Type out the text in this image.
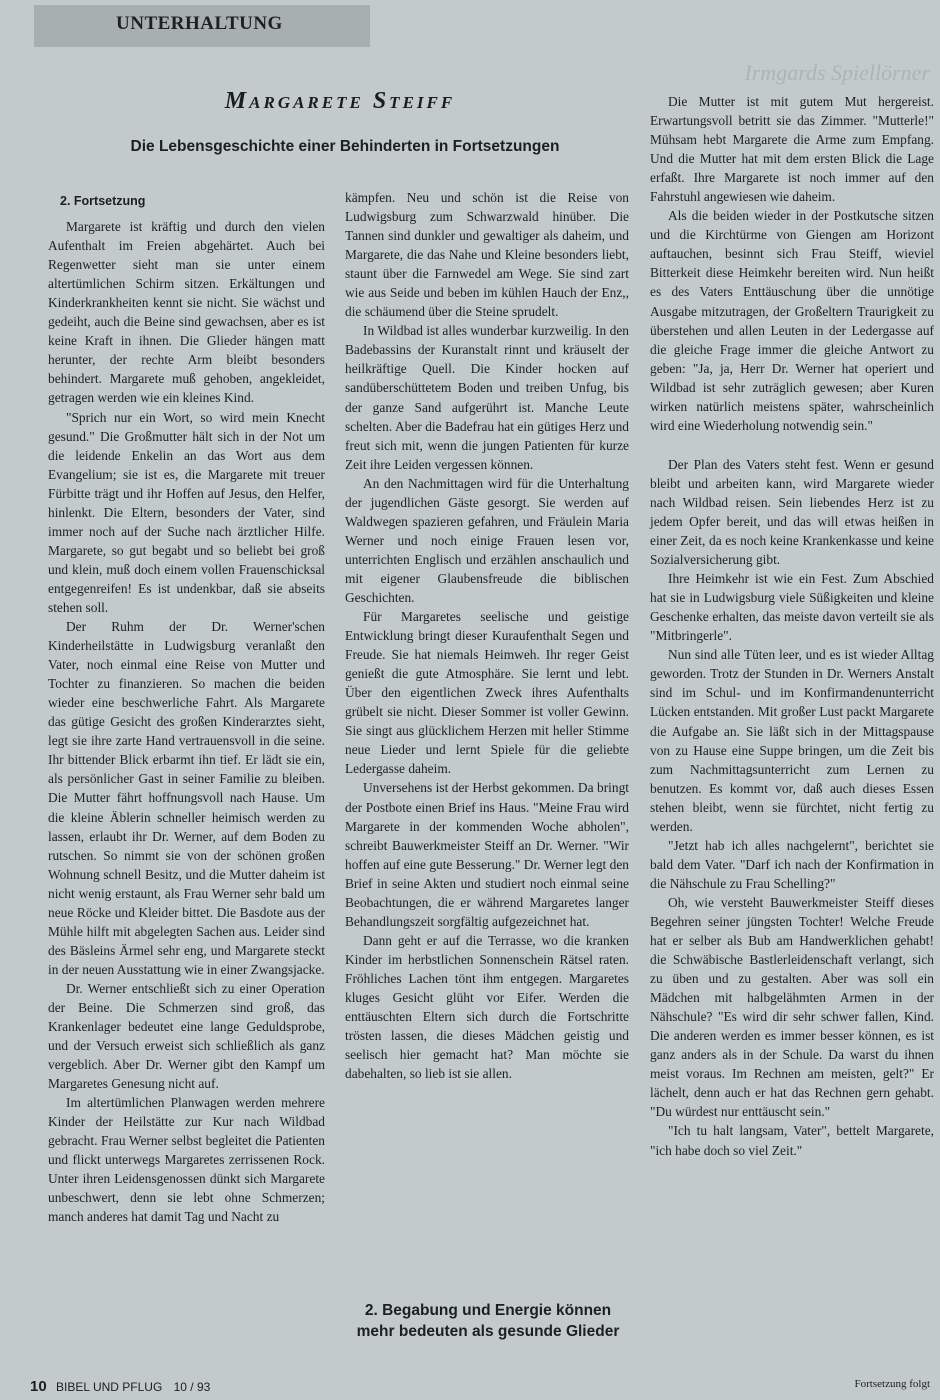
UNTERHALTUNG
Irmgards Spiellörner
Margarete Steiff
Die Lebensgeschichte einer Behinderten in Fortsetzungen

2. Fortsetzung

Margarete ist kräftig und durch den vielen Aufenthalt im Freien abgehärtet. Auch bei Regenwetter sieht man sie unter einem altertümlichen Schirm sitzen. Erkältungen und Kinderkrankheiten kennt sie nicht. Sie wächst und gedeiht, auch die Beine sind gewachsen, aber es ist keine Kraft in ihnen. Die Glieder hängen matt herunter, der rechte Arm bleibt besonders behindert. Margarete muß gehoben, angekleidet, getragen werden wie ein kleines Kind.

"Sprich nur ein Wort, so wird mein Knecht gesund." Die Großmutter hält sich in der Not um die leidende Enkelin an das Wort aus dem Evangelium; sie ist es, die Margarete mit treuer Fürbitte trägt und ihr Hoffen auf Jesus, den Helfer, hinlenkt. Die Eltern, besonders der Vater, sind immer noch auf der Suche nach ärztlicher Hilfe. Margarete, so gut begabt und so beliebt bei groß und klein, muß doch einem vollen Frauenschicksal entgegenreifen! Es ist undenkbar, daß sie abseits stehen soll.

Der Ruhm der Dr. Werner'schen Kinderheilstätte in Ludwigsburg veranlaßt den Vater, noch einmal eine Reise von Mutter und Tochter zu finanzieren. So machen die beiden wieder eine beschwerliche Fahrt. Als Margarete das gütige Gesicht des großen Kinderarztes sieht, legt sie ihre zarte Hand vertrauensvoll in die seine. Ihr bittender Blick erbarmt ihn tief. Er lädt sie ein, als persönlicher Gast in seiner Familie zu bleiben. Die Mutter fährt hoffnungsvoll nach Hause. Um die kleine Äblerin schneller heimisch werden zu lassen, erlaubt ihr Dr. Werner, auf dem Boden zu rutschen. So nimmt sie von der schönen großen Wohnung schnell Besitz, und die Mutter daheim ist nicht wenig erstaunt, als Frau Werner sehr bald um neue Röcke und Kleider bittet. Die Basdote aus der Mühle hilft mit abgelegten Sachen aus. Leider sind des Bäsleins Ärmel sehr eng, und Margarete steckt in der neuen Ausstattung wie in einer Zwangsjacke.

Dr. Werner entschließt sich zu einer Operation der Beine. Die Schmerzen sind groß, das Krankenlager bedeutet eine lange Geduldsprobe, und der Versuch erweist sich schließlich als ganz vergeblich. Aber Dr. Werner gibt den Kampf um Margaretes Genesung nicht auf.

Im altertümlichen Planwagen werden mehrere Kinder der Heilstätte zur Kur nach Wildbad gebracht. Frau Werner selbst begleitet die Patienten und flickt unterwegs Margaretes zerrissenen Rock. Unter ihren Leidensgenossen dünkt sich Margarete unbeschwert, denn sie lebt ohne Schmerzen; manch anderes hat damit Tag und Nacht zu

kämpfen. Neu und schön ist die Reise von Ludwigsburg zum Schwarzwald hinüber. Die Tannen sind dunkler und gewaltiger als daheim, und Margarete, die das Nahe und Kleine besonders liebt, staunt über die Farnwedel am Wege. Sie sind zart wie aus Seide und beben im kühlen Hauch der Enz,, die schäumend über die Steine sprudelt.

In Wildbad ist alles wunderbar kurzweilig. In den Badebassins der Kuranstalt rinnt und kräuselt der heilkräftige Quell. Die Kinder hocken auf sandüberschüttetem Boden und treiben Unfug, bis der ganze Sand aufgerührt ist. Manche Leute schelten. Aber die Badefrau hat ein gütiges Herz und freut sich mit, wenn die jungen Patienten für kurze Zeit ihre Leiden vergessen können.

An den Nachmittagen wird für die Unterhaltung der jugendlichen Gäste gesorgt. Sie werden auf Waldwegen spazieren gefahren, und Fräulein Maria Werner und noch einige Frauen lesen vor, unterrichten Englisch und erzählen anschaulich und mit eigener Glaubensfreude die biblischen Geschichten.

Für Margaretes seelische und geistige Entwicklung bringt dieser Kuraufenthalt Segen und Freude. Sie hat niemals Heimweh. Ihr reger Geist genießt die gute Atmosphäre. Sie lernt und lebt. Über den eigentlichen Zweck ihres Aufenthalts grübelt sie nicht. Dieser Sommer ist voller Gewinn. Sie singt aus glücklichem Herzen mit heller Stimme neue Lieder und lernt Spiele für die geliebte Ledergasse daheim.

Unversehens ist der Herbst gekommen. Da bringt der Postbote einen Brief ins Haus. "Meine Frau wird Margarete in der kommenden Woche abholen", schreibt Bauwerkmeister Steiff an Dr. Werner. "Wir hoffen auf eine gute Besserung." Dr. Werner legt den Brief in seine Akten und studiert noch einmal seine Beobachtungen, die er während Margaretes langer Behandlungszeit sorgfältig aufgezeichnet hat.

Dann geht er auf die Terrasse, wo die kranken Kinder im herbstlichen Sonnenschein Rätsel raten. Fröhliches Lachen tönt ihm entgegen. Margaretes kluges Gesicht glüht vor Eifer. Werden die enttäuschten Eltern sich durch die Fortschritte trösten lassen, die dieses Mädchen geistig und seelisch hier gemacht hat? Man möchte sie dabehalten, so lieb ist sie allen.

2. Begabung und Energie können mehr bedeuten als gesunde Glieder

Die Mutter ist mit gutem Mut hergereist. Erwartungsvoll betritt sie das Zimmer. "Mutterle!" Mühsam hebt Margarete die Arme zum Empfang. Und die Mutter hat mit dem ersten Blick die Lage erfaßt. Ihre Margarete ist noch immer auf den Fahrstuhl angewiesen wie daheim.

Als die beiden wieder in der Postkutsche sitzen und die Kirchtürme von Giengen am Horizont auftauchen, besinnt sich Frau Steiff, wieviel Bitterkeit diese Heimkehr bereiten wird. Nun heißt es des Vaters Enttäuschung über die unnötige Ausgabe mitzutragen, der Großeltern Traurigkeit zu überstehen und allen Leuten in der Ledergasse auf die gleiche Frage immer die gleiche Antwort zu geben: "Ja, ja, Herr Dr. Werner hat operiert und Wildbad ist sehr zuträglich gewesen; aber Kuren wirken natürlich meistens später, wahrscheinlich wird eine Wiederholung notwendig sein."

Der Plan des Vaters steht fest. Wenn er gesund bleibt und arbeiten kann, wird Margarete wieder nach Wildbad reisen. Sein liebendes Herz ist zu jedem Opfer bereit, und das will etwas heißen in einer Zeit, da es noch keine Krankenkasse und keine Sozialversicherung gibt.

Ihre Heimkehr ist wie ein Fest. Zum Abschied hat sie in Ludwigsburg viele Süßigkeiten und kleine Geschenke erhalten, das meiste davon verteilt sie als "Mitbringerle".

Nun sind alle Tüten leer, und es ist wieder Alltag geworden. Trotz der Stunden in Dr. Werners Anstalt sind im Schul- und im Konfirmandenunterricht Lücken entstanden. Mit großer Lust packt Margarete die Aufgabe an. Sie läßt sich in der Mittagspause von zu Hause eine Suppe bringen, um die Zeit bis zum Nachmittagsunterricht zum Lernen zu benutzen. Es kommt vor, daß auch dieses Essen stehen bleibt, wenn sie fürchtet, nicht fertig zu werden.

"Jetzt hab ich alles nachgelernt", berichtet sie bald dem Vater. "Darf ich nach der Konfirmation in die Nähschule zu Frau Schelling?"

Oh, wie versteht Bauwerkmeister Steiff dieses Begehren seiner jüngsten Tochter! Welche Freude hat er selber als Bub am Handwerklichen gehabt! die Schwäbische Bastlerleidenschaft verlangt, sich zu üben und zu gestalten. Aber was soll ein Mädchen mit halbgelähmten Armen in der Nähschule? "Es wird dir sehr schwer fallen, Kind. Die anderen werden es immer besser können, es ist ganz anders als in der Schule. Da warst du ihnen meist voraus. Im Rechnen am meisten, gelt?" Er lächelt, denn auch er hat das Rechnen gern gehabt. "Du würdest nur enttäuscht sein."

"Ich tu halt langsam, Vater", bettelt Margarete, "ich habe doch so viel Zeit."

Fortsetzung folgt
10 BIBEL UND PFLUG 10 / 93
